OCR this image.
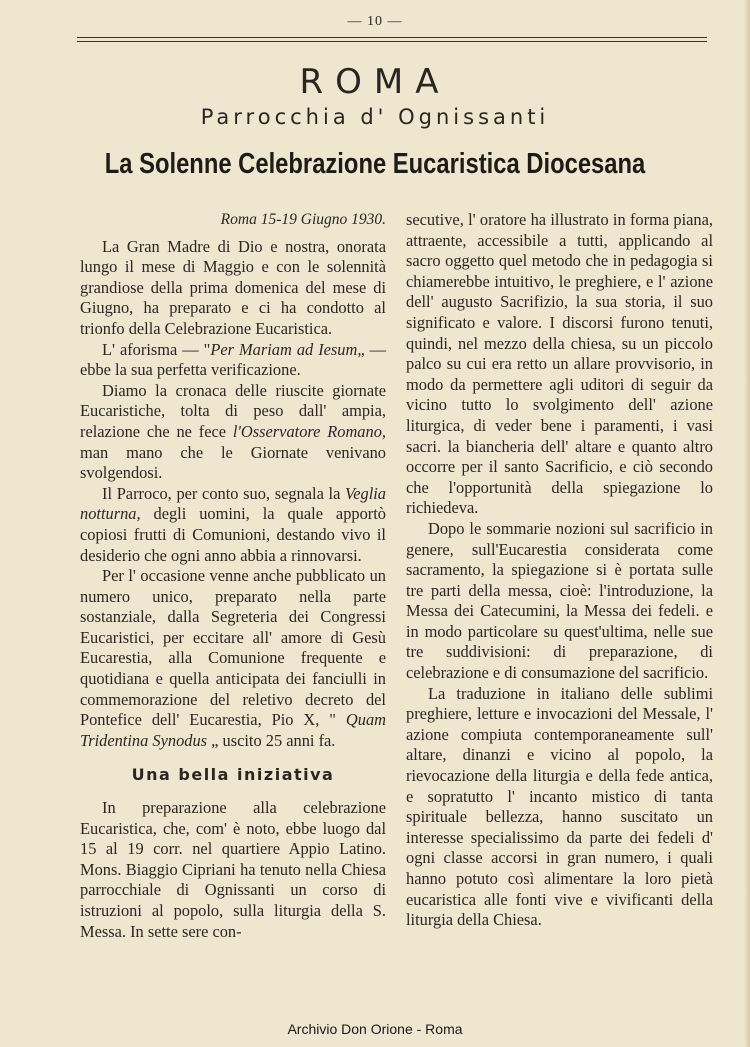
— 10 —
ROMA
Parrocchia d' Ognissanti
La Solenne Celebrazione Eucaristica Diocesana
Roma 15-19 Giugno 1930.

La Gran Madre di Dio e nostra, onorata lungo il mese di Maggio e con le solennità grandiose della prima domenica del mese di Giugno, ha preparato e ci ha condotto al trionfo della Celebrazione Eucaristica.

L' aforisma — "Per Mariam ad Iesum„ — ebbe la sua perfetta verificazione.

Diamo la cronaca delle riuscite giornate Eucaristiche, tolta di peso dall' ampia, relazione che ne fece l'Osservatore Romano, man mano che le Giornate venivano svolgendosi.

Il Parroco, per conto suo, segnala la Veglia notturna, degli uomini, la quale apportò copiosi frutti di Comunioni, destando vivo il desiderio che ogni anno abbia a rinnovarsi.

Per l' occasione venne anche pubblicato un numero unico, preparato nella parte sostanziale, dalla Segreteria dei Congressi Eucaristici, per eccitare all' amore di Gesù Eucarestia, alla Comunione frequente e quotidiana e quella anticipata dei fanciulli in commemorazione del reletivo decreto del Pontefice dell' Eucarestia, Pio X, " Quam Tridentina Synodus „ uscito 25 anni fa.

Una bella iniziativa

In preparazione alla celebrazione Eucaristica, che, com' è noto, ebbe luogo dal 15 al 19 corr. nel quartiere Appio Latino. Mons. Biaggio Cipriani ha tenuto nella Chiesa parrocchiale di Ognissanti un corso di istruzioni al popolo, sulla liturgia della S. Messa. In sette sere con-

secutive, l' oratore ha illustrato in forma piana, attraente, accessibile a tutti, applicando al sacro oggetto quel metodo che in pedagogia si chiamerebbe intuitivo, le preghiere, e l' azione dell' augusto Sacrifizio, la sua storia, il suo significato e valore. I discorsi furono tenuti, quindi, nel mezzo della chiesa, su un piccolo palco su cui era retto un allare provvisorio, in modo da permettere agli uditori di seguir da vicino tutto lo svolgimento dell' azione liturgica, di veder bene i paramenti, i vasi sacri. la biancheria dell' altare e quanto altro occorre per il santo Sacrificio, e ciò secondo che l'opportunità della spiegazione lo richiedeva.

Dopo le sommarie nozioni sul sacrificio in genere, sull'Eucarestia considerata come sacramento, la spiegazione si è portata sulle tre parti della messa, cioè: l'introduzione, la Messa dei Catecumini, la Messa dei fedeli. e in modo particolare su quest'ultima, nelle sue tre suddivisioni: di preparazione, di celebrazione e di consumazione del sacrificio.

La traduzione in italiano delle sublimi preghiere, letture e invocazioni del Messale, l' azione compiuta contemporaneamente sull' altare, dinanzi e vicino al popolo, la rievocazione della liturgia e della fede antica, e sopratutto l' incanto mistico di tanta spirituale bellezza, hanno suscitato un interesse specialissimo da parte dei fedeli d' ogni classe accorsi in gran numero, i quali hanno potuto così alimentare la loro pietà eucaristica alle fonti vive e vivificanti della liturgia della Chiesa.

Archivio Don Orione - Roma
